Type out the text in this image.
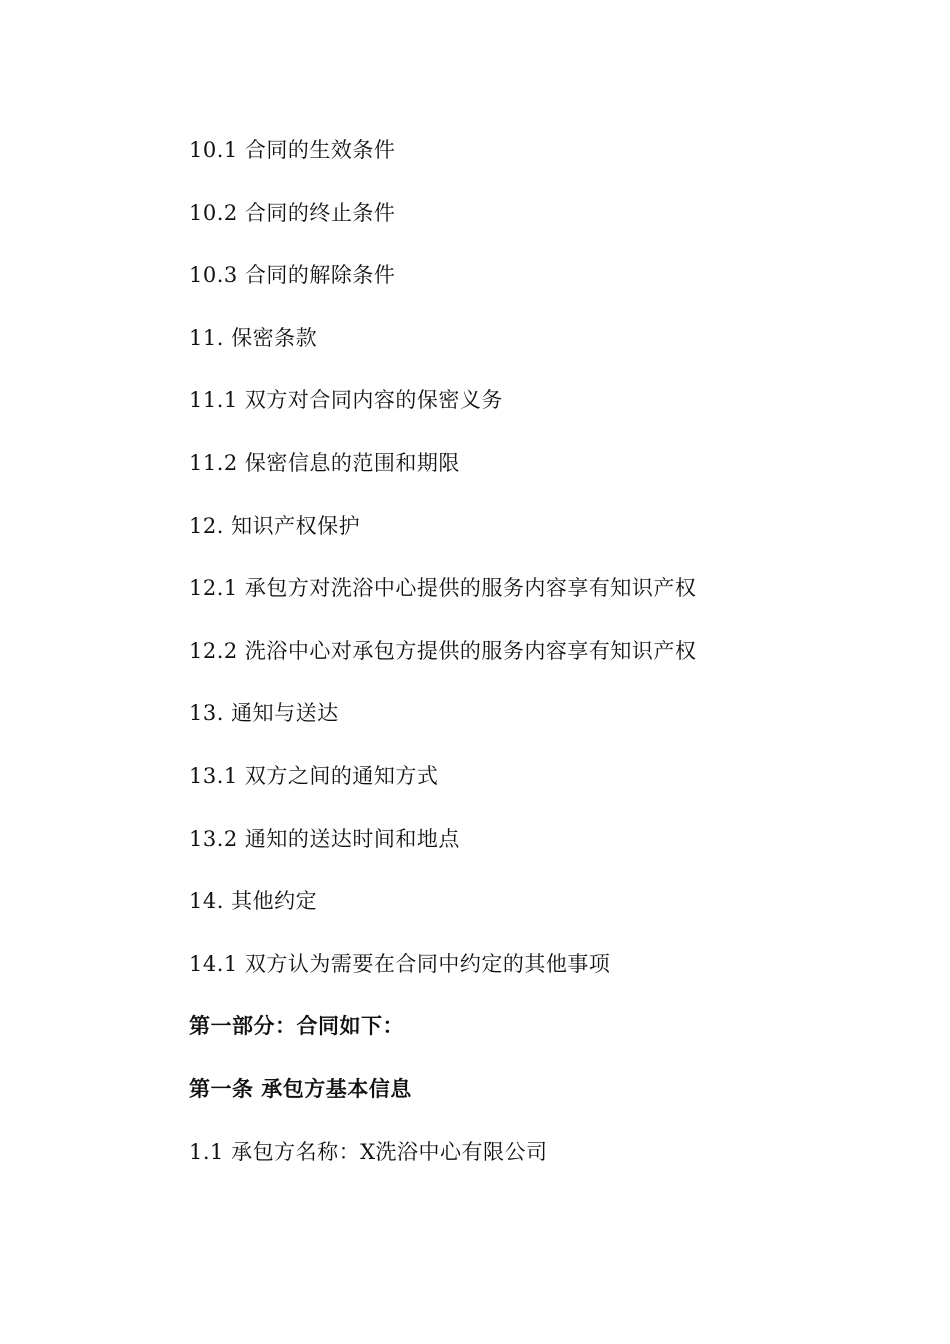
10.1 合同的生效条件
10.2 合同的终止条件
10.3 合同的解除条件
11. 保密条款
11.1 双方对合同内容的保密义务
11.2 保密信息的范围和期限
12. 知识产权保护
12.1 承包方对洗浴中心提供的服务内容享有知识产权
12.2 洗浴中心对承包方提供的服务内容享有知识产权
13. 通知与送达
13.1 双方之间的通知方式
13.2 通知的送达时间和地点
14. 其他约定
14.1 双方认为需要在合同中约定的其他事项
第一部分：合同如下：
第一条 承包方基本信息
1.1 承包方名称：X洗浴中心有限公司
